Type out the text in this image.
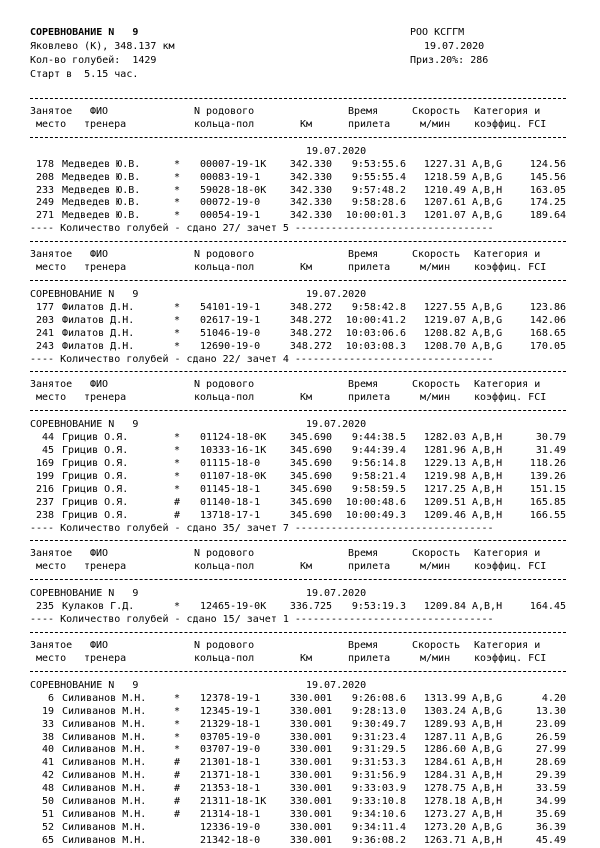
СОРЕВНОВАНИЕ N   9

	РОО КСГГМ

Яковлево (К), 348.137 км

	19.07.2020

Кол-во голубей:  1429

	Приз.20%: 286

Старт в  5.15 час.

Занятое ФИО	N родового	Время	Скорость Категория и
место тренера	кольца-пол	Км	прилета	м/мин коэффиц. FCI
19.07.2020
178 Медведев Ю.В.	* 00007-19-1K	342.330	9:53:55.6	1227.31 A,B,G	124.56
208 Медведев Ю.В.	* 00083-19-1	342.330	9:55:55.4	1218.59 A,B,G	145.56
233 Медведев Ю.В.	* 59028-18-0K	342.330	9:57:48.2	1210.49 A,B,H	163.05
249 Медведев Ю.В.	* 00072-19-0	342.330	9:58:28.6	1207.61 A,B,G	174.25
271 Медведев Ю.В.	* 00054-19-1	342.330	10:00:01.3	1201.07 A,B,G	189.64
---- Количество голубей - сдано 27/ зачет 5 ---------------------------------
Занятое ФИО	N родового	Время	Скорость Категория и
место тренера	кольца-пол	Км	прилета	м/мин коэффиц. FCI
СОРЕВНОВАНИЕ N   9	19.07.2020
177 Филатов Д.Н.	* 54101-19-1	348.272	9:58:42.8	1227.55 A,B,G	123.86
203 Филатов Д.Н.	* 02617-19-1	348.272	10:00:41.2	1219.07 A,B,G	142.06
241 Филатов Д.Н.	* 51046-19-0	348.272	10:03:06.6	1208.82 A,B,G	168.65
243 Филатов Д.Н.	* 12690-19-0	348.272	10:03:08.3	1208.70 A,B,G	170.05
---- Количество голубей - сдано 22/ зачет 4 ---------------------------------
Занятое ФИО	N родового	Время	Скорость Категория и
место тренера	кольца-пол	Км	прилета	м/мин коэффиц. FCI
СОРЕВНОВАНИЕ N   9	19.07.2020
44 Грицив О.Я.	* 01124-18-0K	345.690	9:44:38.5	1282.03 A,B,H	30.79
45 Грицив О.Я.	* 10333-16-1K	345.690	9:44:39.4	1281.96 A,B,H	31.49
169 Грицив О.Я.	* 01115-18-0	345.690	9:56:14.8	1229.13 A,B,H	118.26
199 Грицив О.Я.	* 01107-18-0K	345.690	9:58:21.4	1219.98 A,B,H	139.26
216 Грицив О.Я.	* 01145-18-1	345.690	9:58:59.5	1217.25 A,B,H	151.15
237 Грицив О.Я.	# 01140-18-1	345.690	10:00:48.6	1209.51 A,B,H	165.85
238 Грицив О.Я.	# 13718-17-1	345.690	10:00:49.3	1209.46 A,B,H	166.55
---- Количество голубей - сдано 35/ зачет 7 ---------------------------------
Занятое ФИО	N родового	Время	Скорость Категория и
место тренера	кольца-пол	Км	прилета	м/мин коэффиц. FCI
СОРЕВНОВАНИЕ N   9	19.07.2020
235 Кулаков Г.Д.	* 12465-19-0K	336.725	9:53:19.3	1209.84 A,B,H	164.45
---- Количество голубей - сдано 15/ зачет 1 ---------------------------------
Занятое ФИО	N родового	Время	Скорость Категория и
место тренера	кольца-пол	Км	прилета	м/мин коэффиц. FCI
СОРЕВНОВАНИЕ N   9	19.07.2020
6 Силиванов М.Н.	* 12378-19-1	330.001	9:26:08.6	1313.99 A,B,G	4.20
19 Силиванов М.Н.	* 12345-19-1	330.001	9:28:13.0	1303.24 A,B,G	13.30
33 Силиванов М.Н.	* 21329-18-1	330.001	9:30:49.7	1289.93 A,B,H	23.09
38 Силиванов М.Н.	* 03705-19-0	330.001	9:31:23.4	1287.11 A,B,G	26.59
40 Силиванов М.Н.	* 03707-19-0	330.001	9:31:29.5	1286.60 A,B,G	27.99
41 Силиванов М.Н.	# 21301-18-1	330.001	9:31:53.3	1284.61 A,B,H	28.69
42 Силиванов М.Н.	# 21371-18-1	330.001	9:31:56.9	1284.31 A,B,H	29.39
48 Силиванов М.Н.	# 21353-18-1	330.001	9:33:03.9	1278.75 A,B,H	33.59
50 Силиванов М.Н.	# 21311-18-1K	330.001	9:33:10.8	1278.18 A,B,H	34.99
51 Силиванов М.Н.	# 21314-18-1	330.001	9:34:10.6	1273.27 A,B,H	35.69
52 Силиванов М.Н.	12336-19-0	330.001	9:34:11.4	1273.20 A,B,G	36.39
65 Силиванов М.Н.	21342-18-0	330.001	9:36:08.2	1263.71 A,B,H	45.49
